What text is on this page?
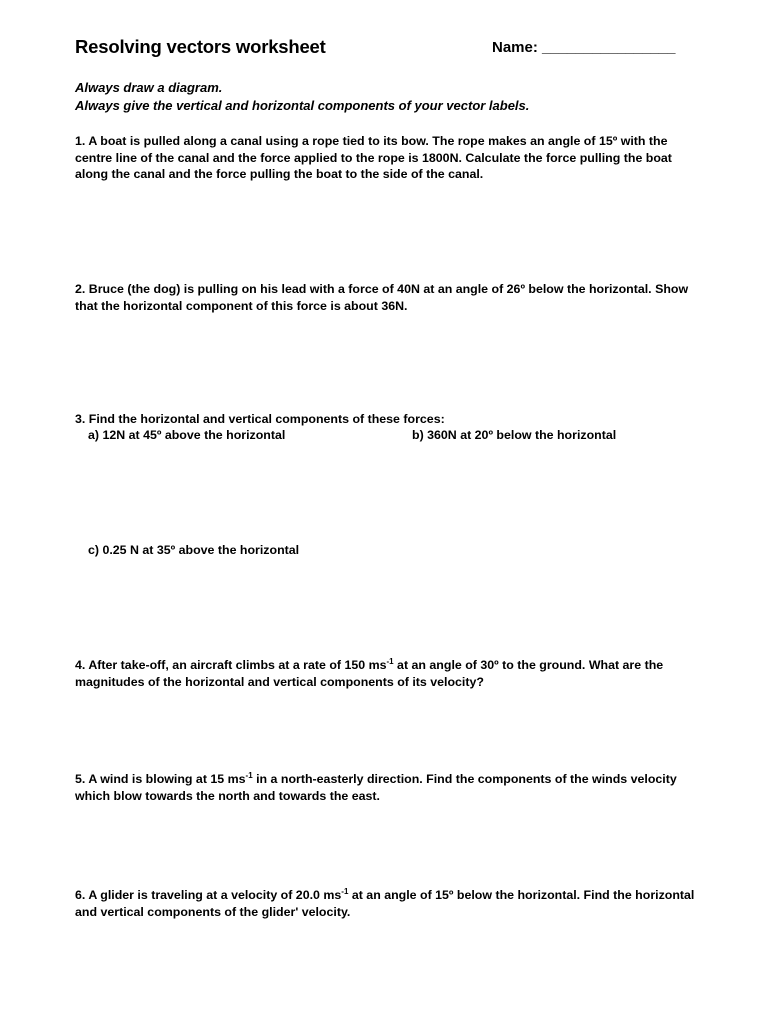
Resolving vectors worksheet	Name: ________________
Always draw a diagram.
Always give the vertical and horizontal components of your vector labels.
1. A boat is pulled along a canal using a rope tied to its bow. The rope makes an angle of 15º with the centre line of the canal and the force applied to the rope is 1800N. Calculate the force pulling the boat along the canal and the force pulling the boat to the side of the canal.
2. Bruce (the dog) is pulling on his lead with a force of 40N at an angle of 26º below the horizontal. Show that the horizontal component of this force is about 36N.
3. Find the horizontal and vertical components of these forces:
a) 12N at 45º above the horizontal	b) 360N at 20º below the horizontal
c) 0.25 N at 35º above the horizontal
4. After take-off, an aircraft climbs at a rate of 150 $ms^{-1}$ at an angle of 30º to the ground. What are the magnitudes of the horizontal and vertical components of its velocity?
5. A wind is blowing at 15 $ms^{-1}$ in a north-easterly direction. Find the components of the winds velocity which blow towards the north and towards the east.
6. A glider is traveling at a velocity of 20.0 $ms^{-1}$ at an angle of 15º below the horizontal. Find the horizontal and vertical components of the glider' velocity.
